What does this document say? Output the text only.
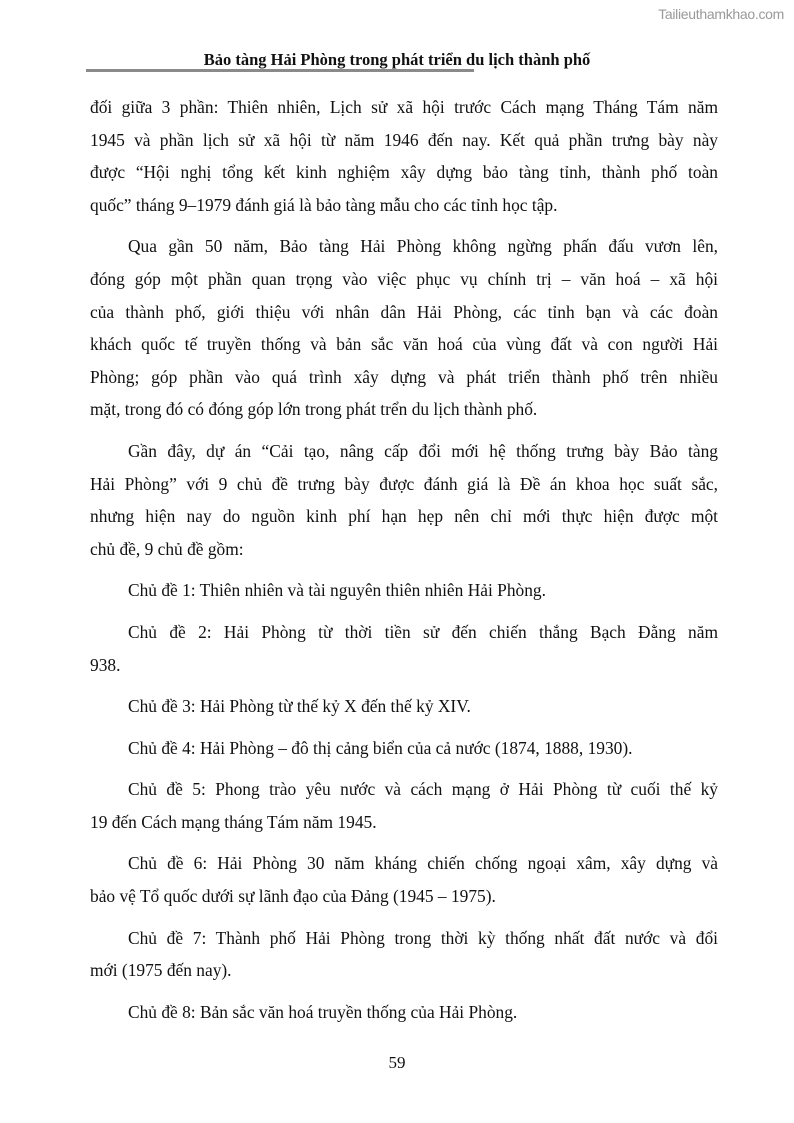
Tailieuthamkhao.com
Bảo tàng Hải Phòng trong phát triển du lịch thành phố
đối giữa 3 phần: Thiên nhiên, Lịch sử xã hội trước Cách mạng Tháng Tám năm
1945 và phần lịch sử xã hội từ năm 1946 đến nay. Kết quả phần trưng bày này
được “Hội nghị tổng kết kinh nghiệm xây dựng bảo tàng tỉnh, thành phố toàn
quốc” tháng 9–1979 đánh giá là bảo tàng mẫu cho các tỉnh học tập.
Qua gần 50 năm, Bảo tàng Hải Phòng không ngừng phấn đấu vươn lên,
đóng góp một phần quan trọng vào việc phục vụ chính trị – văn hoá – xã hội
của thành phố, giới thiệu với nhân dân Hải Phòng, các tỉnh bạn và các đoàn
khách quốc tế truyền thống và bản sắc văn hoá của vùng đất và con người Hải
Phòng; góp phần vào quá trình xây dựng và phát triển thành phố trên nhiều
mặt, trong đó có đóng góp lớn trong phát trển du lịch thành phố.
Gần đây, dự án “Cải tạo, nâng cấp đổi mới hệ thống trưng bày Bảo tàng
Hải Phòng” với 9 chủ đề trưng bày được đánh giá là Đề án khoa học suất sắc,
nhưng hiện nay do nguồn kinh phí hạn hẹp nên chỉ mới thực hiện được một
chủ đề, 9 chủ đề gồm:
Chủ đề 1: Thiên nhiên và tài nguyên thiên nhiên Hải Phòng.
Chủ đề 2: Hải Phòng từ thời tiền sử đến chiến thắng Bạch Đằng năm
938.
Chủ đề 3: Hải Phòng từ thế kỷ X đến thế kỷ XIV.
Chủ đề 4: Hải Phòng – đô thị cảng biển của cả nước (1874, 1888, 1930).
Chủ đề 5: Phong trào yêu nước và cách mạng ở Hải Phòng từ cuối thế kỷ
19 đến Cách mạng tháng Tám năm 1945.
Chủ đề 6: Hải Phòng 30 năm kháng chiến chống ngoại xâm, xây dựng và
bảo vệ Tổ quốc dưới sự lãnh đạo của Đảng (1945 – 1975).
Chủ đề 7: Thành phố Hải Phòng trong thời kỳ thống nhất đất nước và đổi
mới (1975 đến nay).
Chủ đề 8: Bản sắc văn hoá truyền thống của Hải Phòng.
59
